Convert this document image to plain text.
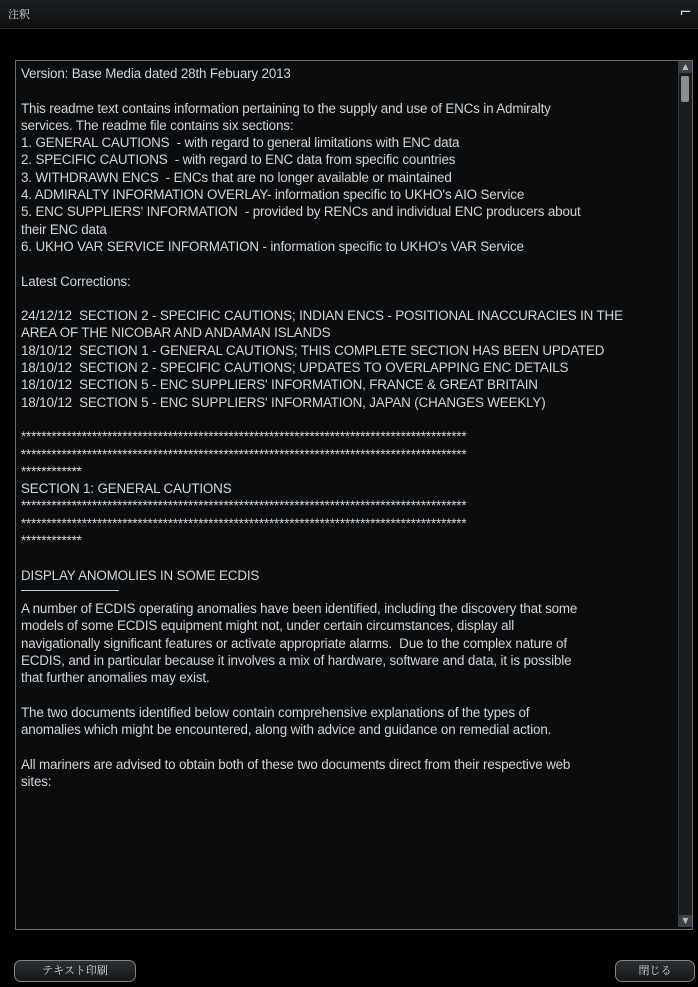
注釈	⌐
Version: Base Media dated 28th Febuary 2013
This readme text contains information pertaining to the supply and use of ENCs in Admiralty
services. The readme file contains six sections:
1. GENERAL CAUTIONS  - with regard to general limitations with ENC data
2. SPECIFIC CAUTIONS  - with regard to ENC data from specific countries
3. WITHDRAWN ENCS  - ENCs that are no longer available or maintained
4. ADMIRALTY INFORMATION OVERLAY- information specific to UKHO's AIO Service
5. ENC SUPPLIERS' INFORMATION  - provided by RENCs and individual ENC producers about
their ENC data
6. UKHO VAR SERVICE INFORMATION - information specific to UKHO's VAR Service
Latest Corrections:
24/12/12  SECTION 2 - SPECIFIC CAUTIONS; INDIAN ENCS - POSITIONAL INACCURACIES IN THE
AREA OF THE NICOBAR AND ANDAMAN ISLANDS
18/10/12  SECTION 1 - GENERAL CAUTIONS; THIS COMPLETE SECTION HAS BEEN UPDATED
18/10/12  SECTION 2 - SPECIFIC CAUTIONS; UPDATES TO OVERLAPPING ENC DETAILS
18/10/12  SECTION 5 - ENC SUPPLIERS' INFORMATION, FRANCE & GREAT BRITAIN
18/10/12  SECTION 5 - ENC SUPPLIERS' INFORMATION, JAPAN (CHANGES WEEKLY)
****************************************************************************************
****************************************************************************************
************
SECTION 1: GENERAL CAUTIONS
****************************************************************************************
****************************************************************************************
************
DISPLAY ANOMOLIES IN SOME ECDIS
A number of ECDIS operating anomalies have been identified, including the discovery that some
models of some ECDIS equipment might not, under certain circumstances, display all
navigationally significant features or activate appropriate alarms.  Due to the complex nature of
ECDIS, and in particular because it involves a mix of hardware, software and data, it is possible
that further anomalies may exist.
The two documents identified below contain comprehensive explanations of the types of
anomalies which might be encountered, along with advice and guidance on remedial action.
All mariners are advised to obtain both of these two documents direct from their respective web
sites:
▲
▼
テキスト印刷	閉じる
